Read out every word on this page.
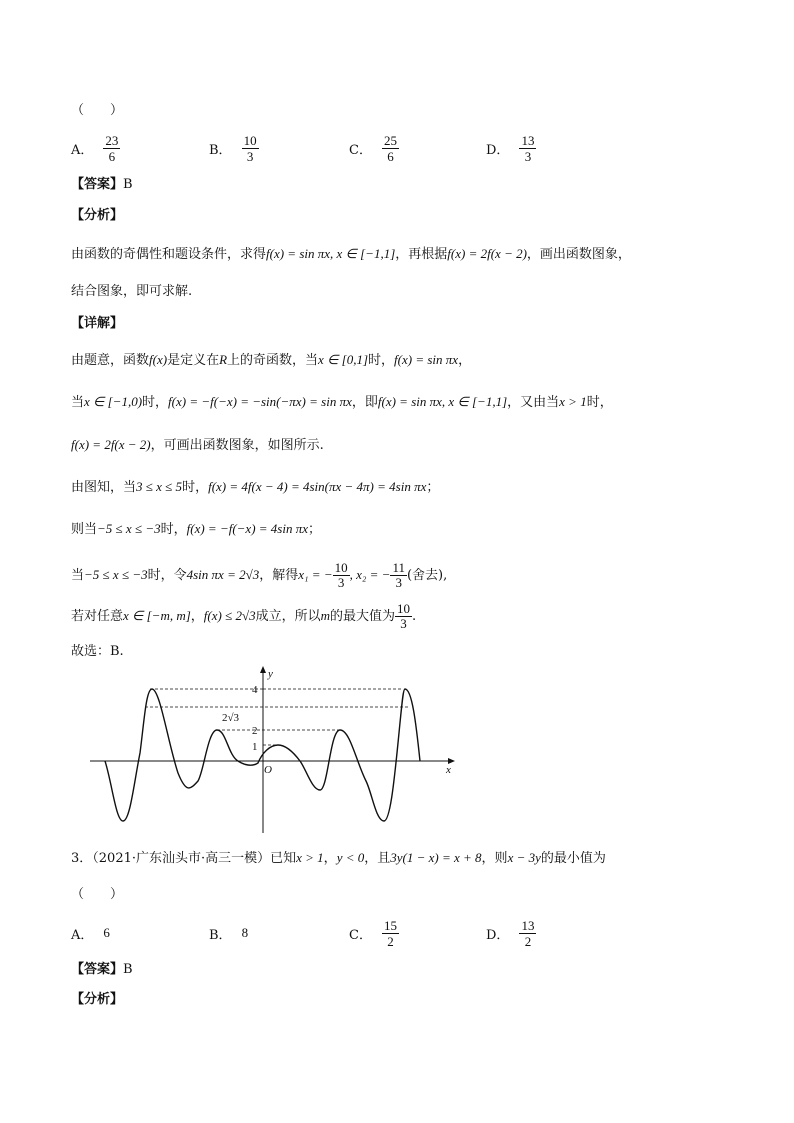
（　　）
A． $\frac{23}{6}$	B． $\frac{10}{3}$	C． $\frac{25}{6}$	D． $\frac{13}{3}$
【答案】B
【分析】
由函数的奇偶性和题设条件，求得f(x) = sin πx, x ∈ [−1,1]，再根据f(x) = 2f(x − 2)，画出函数图象，
结合图象，即可求解.
【详解】
由题意，函数f(x)是定义在R上的奇函数，当x ∈ [0,1]时，f(x) = sin πx，
当x ∈ [−1,0)时，f(x) = −f(−x) = −sin(−πx) = sin πx，即f(x) = sin πx, x ∈ [−1,1]，又由当x > 1时，
f(x) = 2f(x − 2)，可画出函数图象，如图所示.
由图知，当3 ≤ x ≤ 5时，f(x) = 4f(x − 4) = 4sin(πx − 4π) = 4sin πx；
则当−5 ≤ x ≤ −3时，f(x) = −f(−x) = 4sin πx；
当−5 ≤ x ≤ −3时，令4sin πx = 2√3，解得x₁ = − $\frac{10}{3}$ , x₂ = − $\frac{11}{3}$ (舍去),
若对任意x ∈ [−m, m]，f(x) ≤ 2√3成立，所以m的最大值为 $\frac{10}{3}$ .
故选：B.
4
2√3
2
1
O	x
y
3．（2021·广东汕头市·高三一模）已知x > 1，y < 0，且3y(1 − x) = x + 8，则x − 3y的最小值为
（　　）
A． 6	B． 8	C． $\frac{15}{2}$	D． $\frac{13}{2}$
【答案】B
【分析】
